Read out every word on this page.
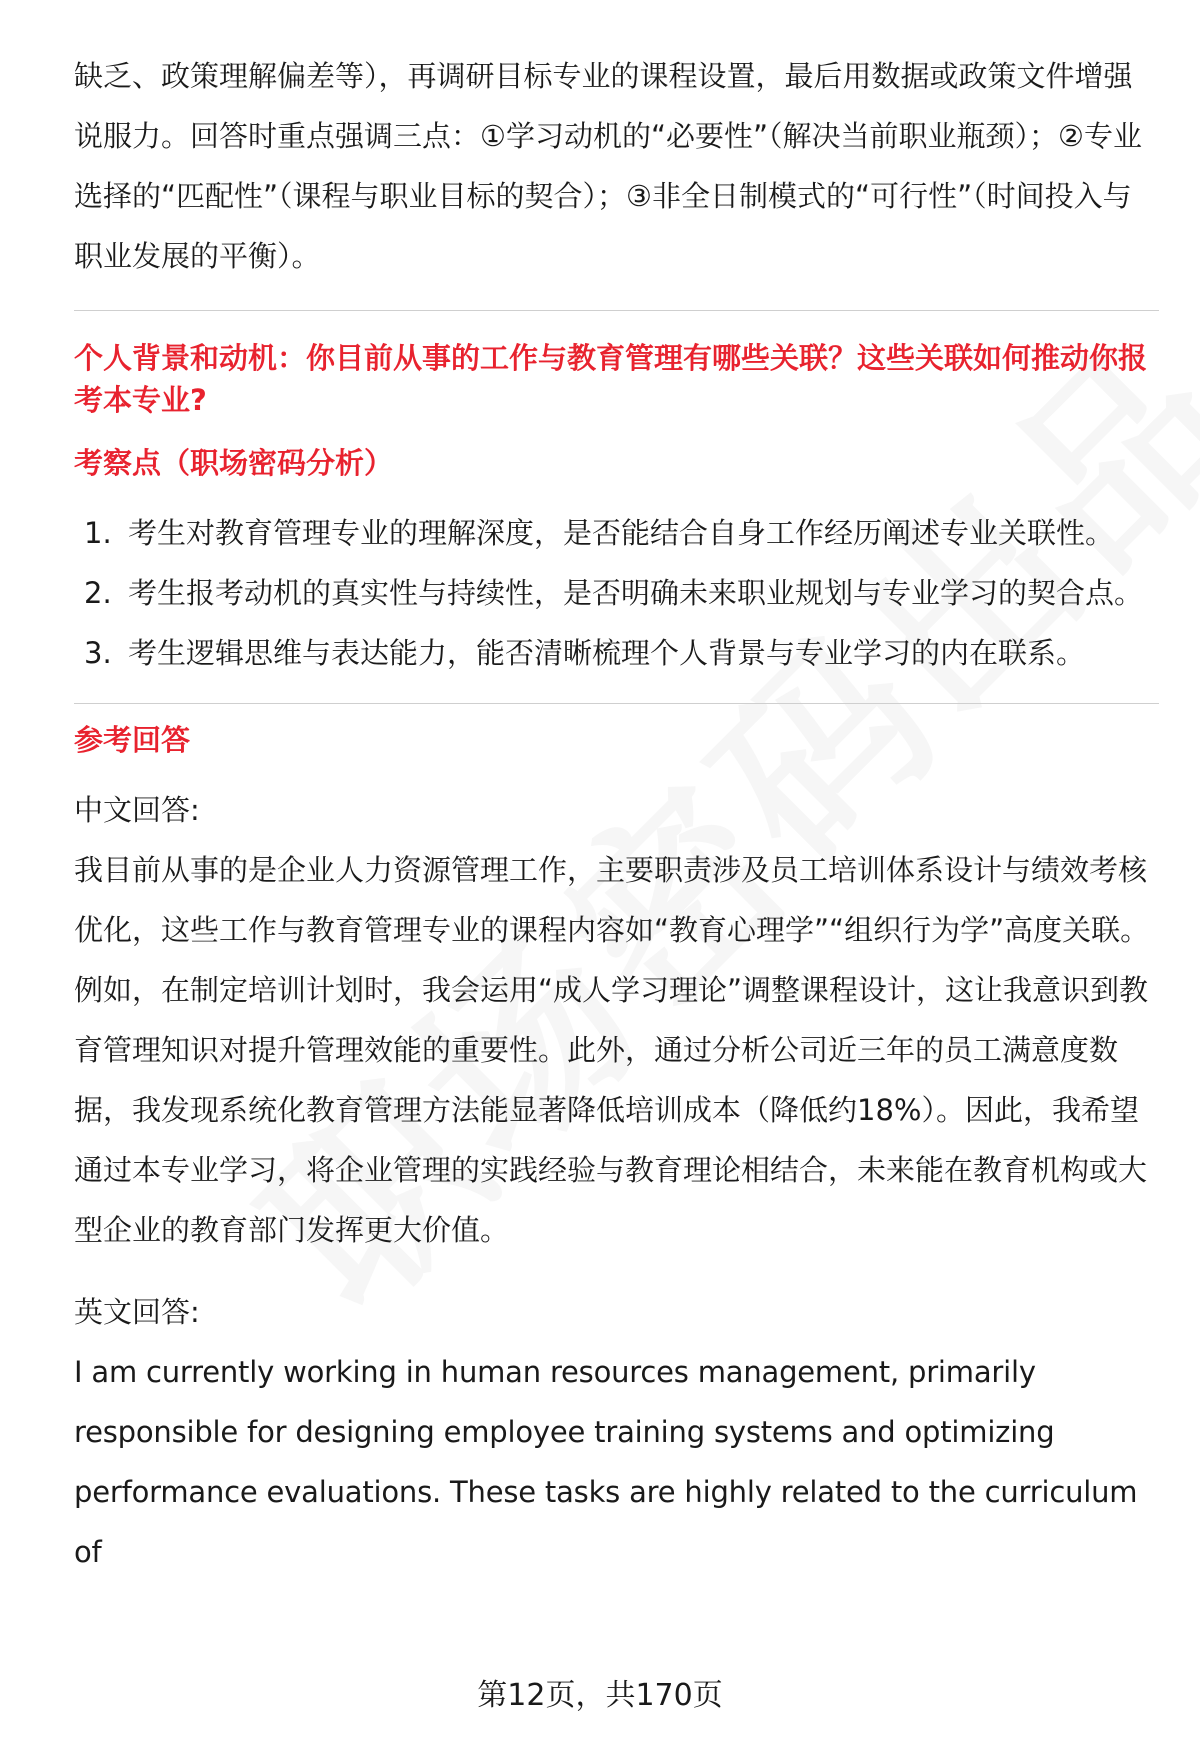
缺乏、政策理解偏差等），再调研目标专业的课程设置，最后用数据或政策文件增强说服力。回答时重点强调三点：①学习动机的“必要性”（解决当前职业瓶颈）；②专业选择的“匹配性”（课程与职业目标的契合）；③非全日制模式的“可行性”（时间投入与职业发展的平衡）。

个人背景和动机：你目前从事的工作与教育管理有哪些关联？这些关联如何推动你报考本专业?

考察点（职场密码分析）

1. 考生对教育管理专业的理解深度，是否能结合自身工作经历阐述专业关联性。
2. 考生报考动机的真实性与持续性，是否明确未来职业规划与专业学习的契合点。
3. 考生逻辑思维与表达能力，能否清晰梳理个人背景与专业学习的内在联系。

参考回答

中文回答:

我目前从事的是企业人力资源管理工作，主要职责涉及员工培训体系设计与绩效考核优化，这些工作与教育管理专业的课程内容如“教育心理学”“组织行为学”高度关联。例如，在制定培训计划时，我会运用“成人学习理论”调整课程设计，这让我意识到教育管理知识对提升管理效能的重要性。此外，通过分析公司近三年的员工满意度数据，我发现系统化教育管理方法能显著降低培训成本（降低约18%）。因此，我希望通过本专业学习，将企业管理的实践经验与教育理论相结合，未来能在教育机构或大型企业的教育部门发挥更大价值。

英文回答:

I am currently working in human resources management, primarily responsible for designing employee training systems and optimizing performance evaluations. These tasks are highly related to the curriculum of

第12页，共170页
